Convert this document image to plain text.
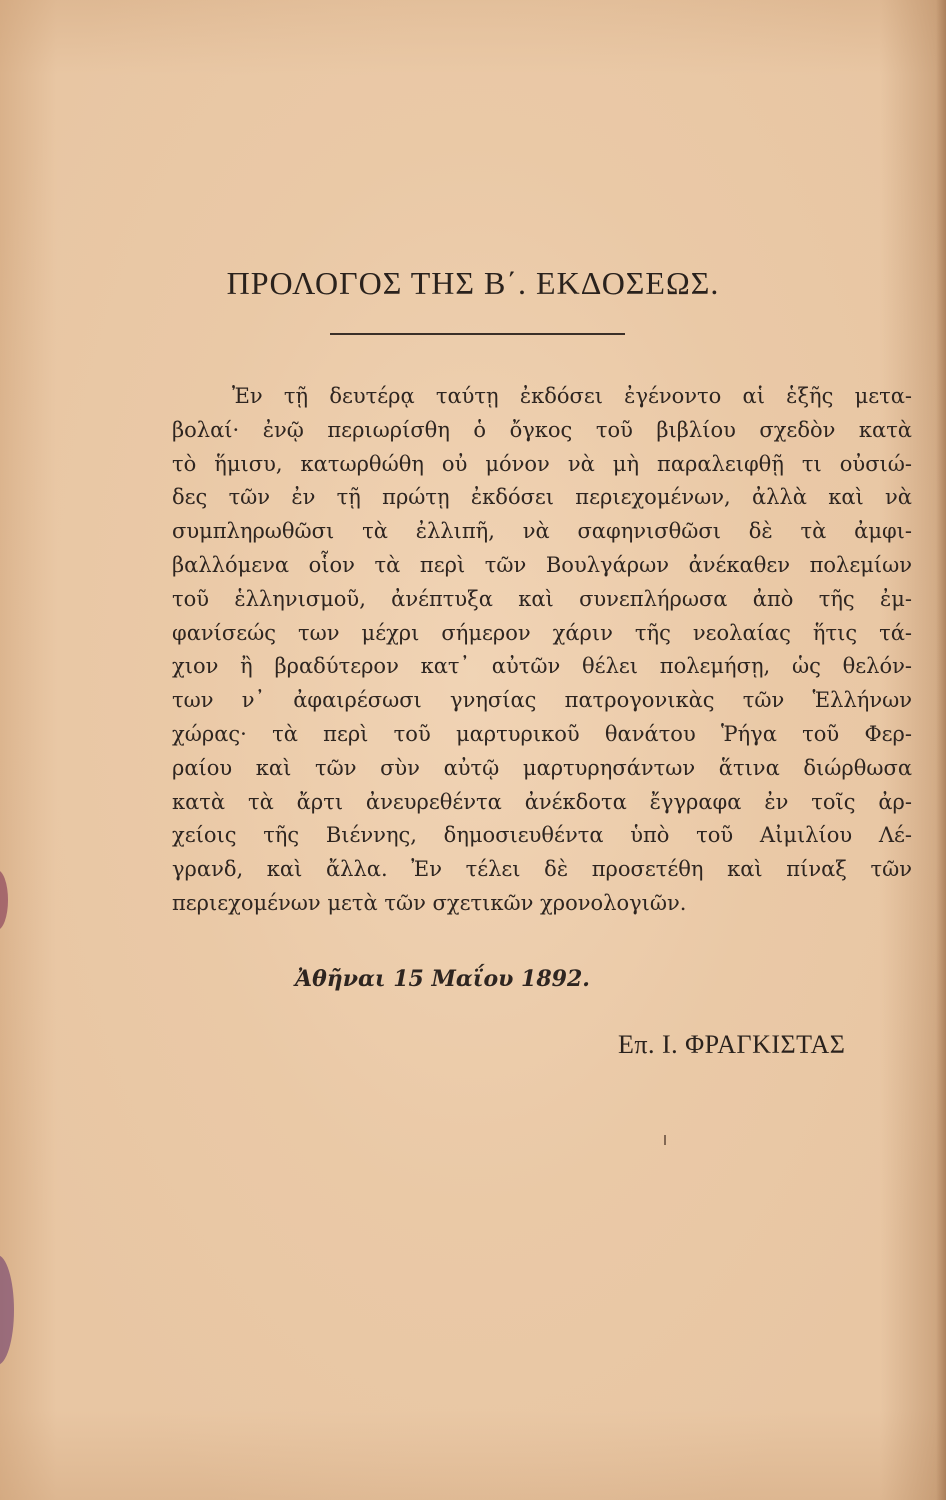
ΠΡΟΛΟΓΟΣ ΤΗΣ Β΄. ΕΚΔΟΣΕΩΣ.
Ἐν τῇ δευτέρᾳ ταύτῃ ἐκδόσει ἐγένοντο αἱ ἑξῆς μετα-
βολαί· ἐνῷ περιωρίσθη ὁ ὄγκος τοῦ βιβλίου σχεδὸν κατὰ
τὸ ἥμισυ, κατωρθώθη οὐ μόνον νὰ μὴ παραλειφθῇ τι οὐσιώ-
δες τῶν ἐν τῇ πρώτῃ ἐκδόσει περιεχομένων, ἀλλὰ καὶ νὰ
συμπληρωθῶσι τὰ ἐλλιπῆ, νὰ σαφηνισθῶσι δὲ τὰ ἀμφι-
βαλλόμενα οἷον τὰ περὶ τῶν Βουλγάρων ἀνέκαθεν πολεμίων
τοῦ ἑλληνισμοῦ, ἀνέπτυξα καὶ συνεπλήρωσα ἀπὸ τῆς ἐμ-
φανίσεώς των μέχρι σήμερον χάριν τῆς νεολαίας ἥτις τά-
χιον ἢ βραδύτερον κατ᾽ αὐτῶν θέλει πολεμήσῃ, ὡς θελόν-
των ν᾽ ἀφαιρέσωσι γνησίας πατρογονικὰς τῶν Ἑλλήνων
χώρας· τὰ περὶ τοῦ μαρτυρικοῦ θανάτου Ῥήγα τοῦ Φερ-
ραίου καὶ τῶν σὺν αὐτῷ μαρτυρησάντων ἅτινα διώρθωσα
κατὰ τὰ ἄρτι ἀνευρεθέντα ἀνέκδοτα ἔγγραφα ἐν τοῖς ἀρ-
χείοις τῆς Βιέννης, δημοσιευθέντα ὑπὸ τοῦ Αἰμιλίου Λέ-
γρανδ, καὶ ἄλλα. Ἐν τέλει δὲ προσετέθη καὶ πίναξ τῶν
περιεχομένων μετὰ τῶν σχετικῶν χρονολογιῶν.
Ἀθῆναι 15 Μαΐου 1892.
Επ. Ι. ΦΡΑΓΚΙΣΤΑΣ
